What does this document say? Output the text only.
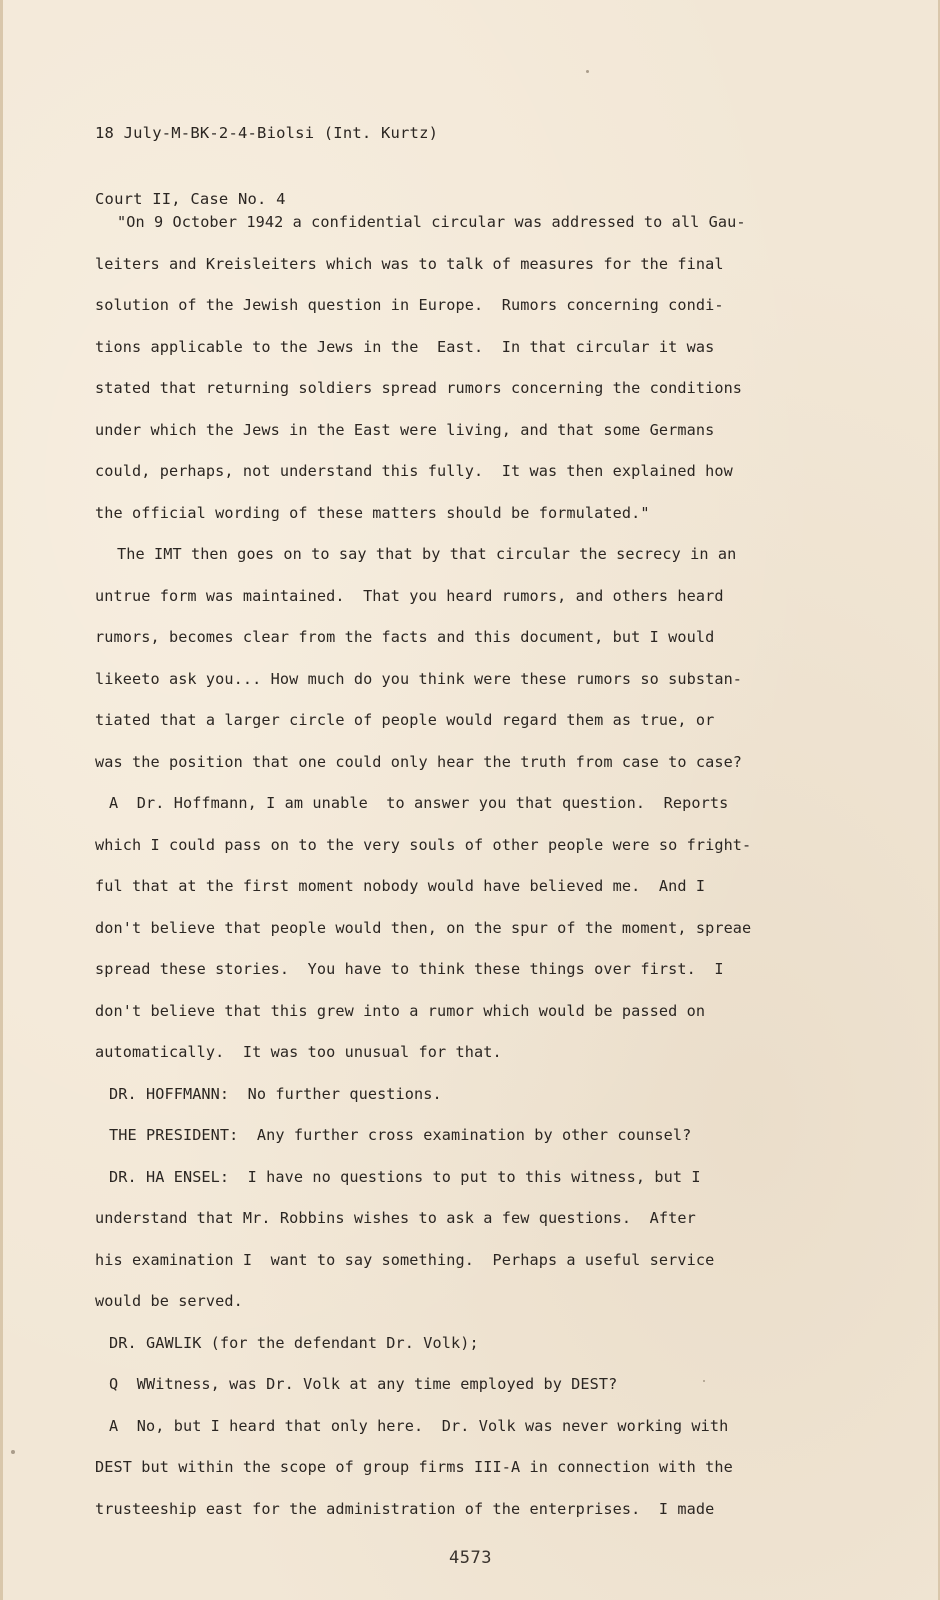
18 July-M-BK-2-4-Biolsi (Int. Kurtz)

Court II, Case No. 4

"On 9 October 1942 a confidential circular was addressed to all Gau-
leiters and Kreisleiters which was to talk of measures for the final
solution of the Jewish question in Europe.  Rumors concerning condi-
tions applicable to the Jews in the  East.  In that circular it was
stated that returning soldiers spread rumors concerning the conditions
under which the Jews in the East were living, and that some Germans
could, perhaps, not understand this fully.  It was then explained how
the official wording of these matters should be formulated."
The IMT then goes on to say that by that circular the secrecy in an
untrue form was maintained.  That you heard rumors, and others heard
rumors, becomes clear from the facts and this document, but I would
likeeto ask you... How much do you think were these rumors so substan-
tiated that a larger circle of people would regard them as true, or
was the position that one could only hear the truth from case to case?
A  Dr. Hoffmann, I am unable  to answer you that question.  Reports
which I could pass on to the very souls of other people were so fright-
ful that at the first moment nobody would have believed me.  And I
don't believe that people would then, on the spur of the moment, spreae
spread these stories.  You have to think these things over first.  I
don't believe that this grew into a rumor which would be passed on
automatically.  It was too unusual for that.
DR. HOFFMANN:  No further questions.
THE PRESIDENT:  Any further cross examination by other counsel?
DR. HA ENSEL:  I have no questions to put to this witness, but I
understand that Mr. Robbins wishes to ask a few questions.  After
his examination I  want to say something.  Perhaps a useful service
would be served.
DR. GAWLIK (for the defendant Dr. Volk);
Q  WWitness, was Dr. Volk at any time employed by DEST?
A  No, but I heard that only here.  Dr. Volk was never working with
DEST but within the scope of group firms III-A in connection with the
trusteeship east for the administration of the enterprises.  I made
4573
